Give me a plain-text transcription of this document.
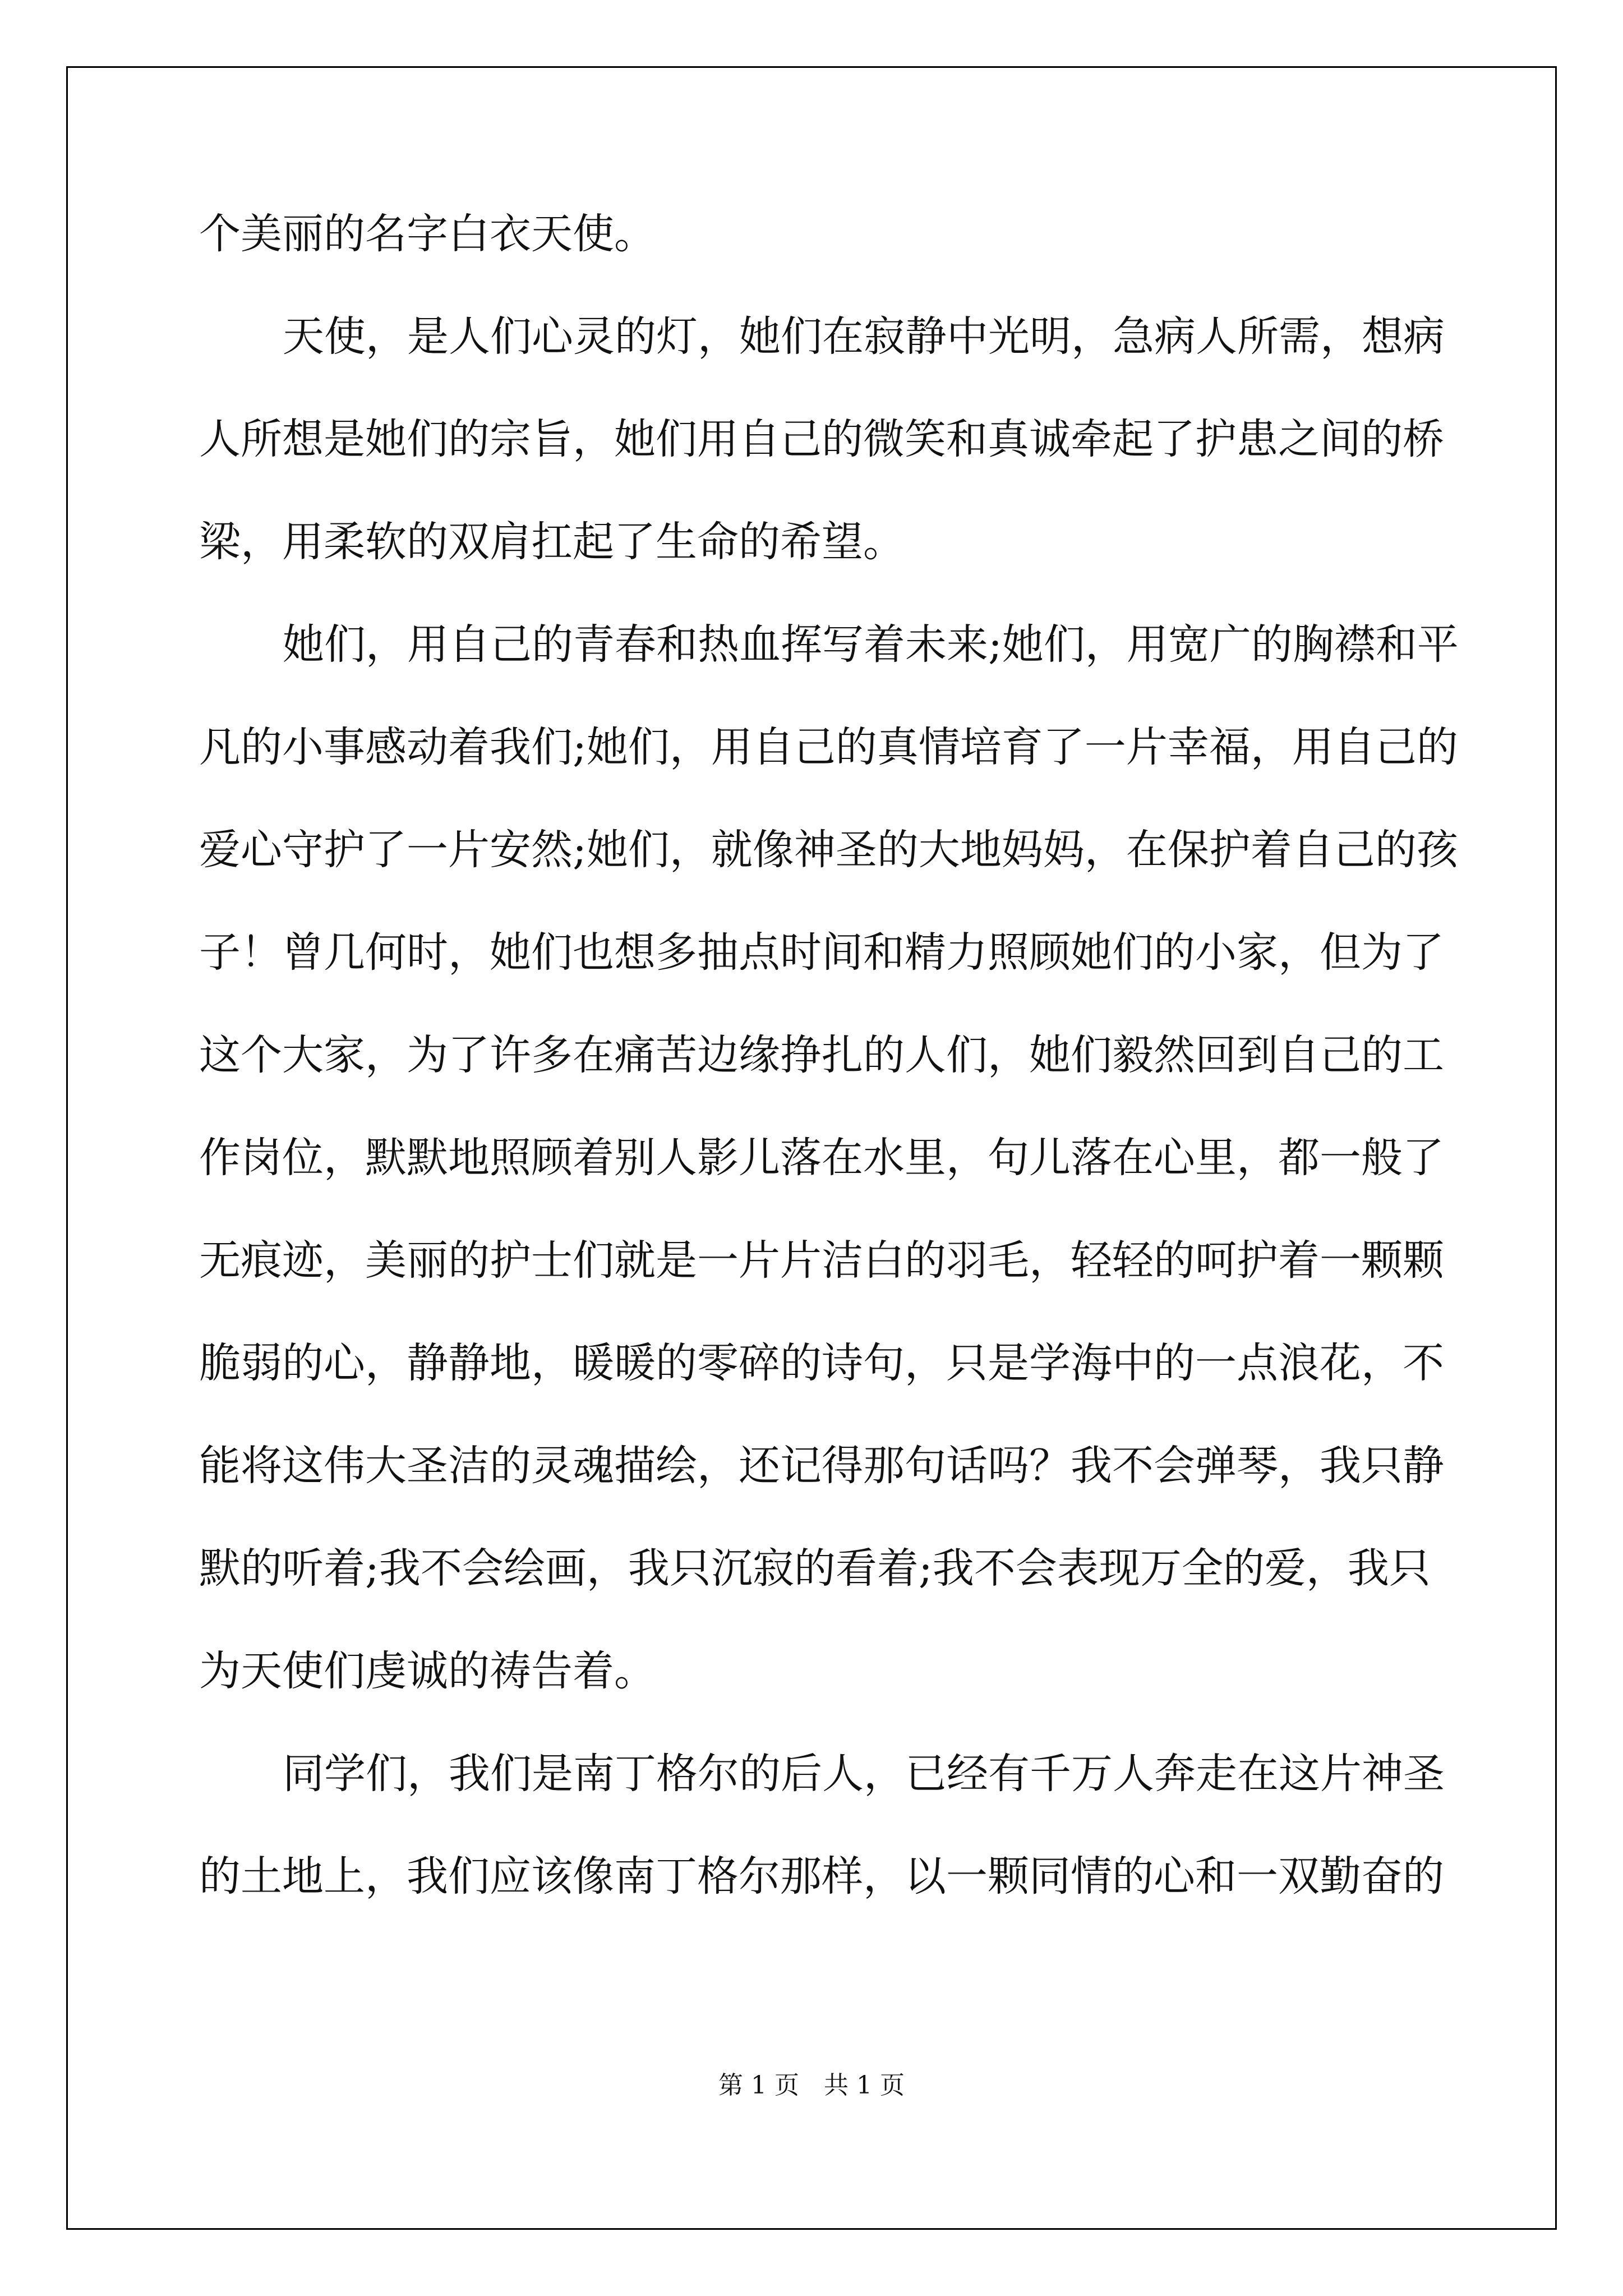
个美丽的名字白衣天使。
天使，是人们心灵的灯，她们在寂静中光明，急病人所需，想病
人所想是她们的宗旨，她们用自己的微笑和真诚牵起了护患之间的桥
梁，用柔软的双肩扛起了生命的希望。
她们，用自己的青春和热血挥写着未来;她们，用宽广的胸襟和平
凡的小事感动着我们;她们，用自己的真情培育了一片幸福，用自己的
爱心守护了一片安然;她们，就像神圣的大地妈妈，在保护着自己的孩
子！曾几何时，她们也想多抽点时间和精力照顾她们的小家，但为了
这个大家，为了许多在痛苦边缘挣扎的人们，她们毅然回到自己的工
作岗位，默默地照顾着别人影儿落在水里，句儿落在心里，都一般了
无痕迹，美丽的护士们就是一片片洁白的羽毛，轻轻的呵护着一颗颗
脆弱的心，静静地，暖暖的零碎的诗句，只是学海中的一点浪花，不
能将这伟大圣洁的灵魂描绘，还记得那句话吗？我不会弹琴，我只静
默的听着;我不会绘画，我只沉寂的看着;我不会表现万全的爱，我只
为天使们虔诚的祷告着。
同学们，我们是南丁格尔的后人，已经有千万人奔走在这片神圣
的土地上，我们应该像南丁格尔那样，以一颗同情的心和一双勤奋的
第 1 页　共 1 页
